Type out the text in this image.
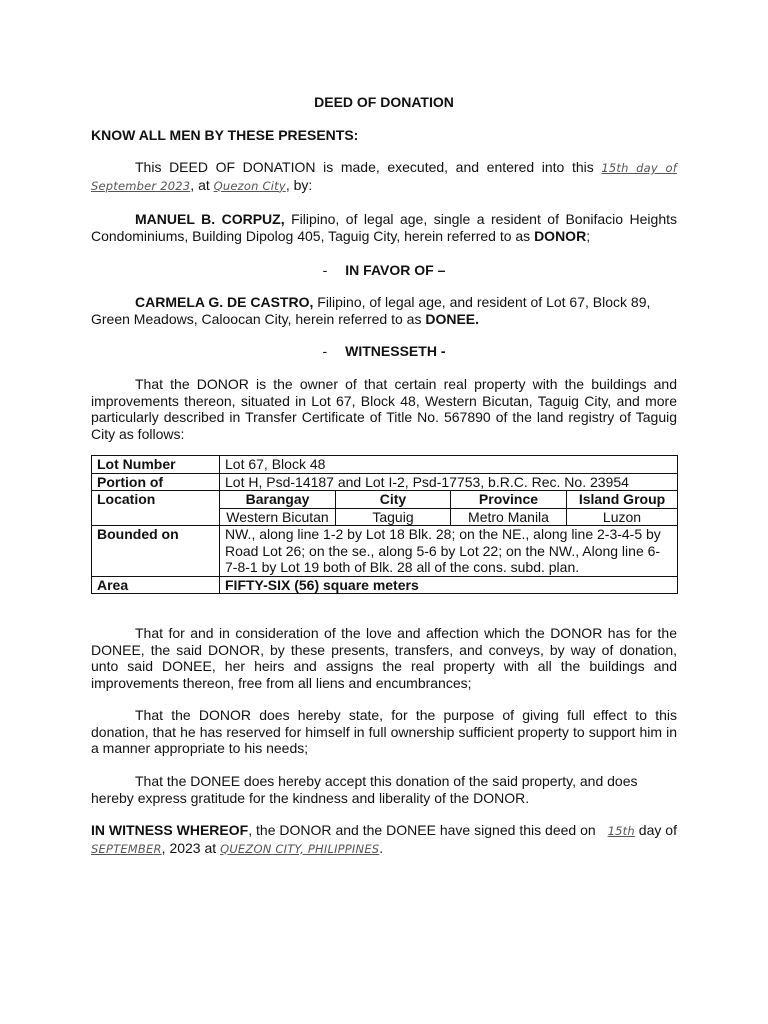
DEED OF DONATION
KNOW ALL MEN BY THESE PRESENTS:
This DEED OF DONATION is made, executed, and entered into this 15th day of September 2023, at Quezon City, by:
MANUEL B. CORPUZ, Filipino, of legal age, single a resident of Bonifacio Heights Condominiums, Building Dipolog 405, Taguig City, herein referred to as DONOR;
- IN FAVOR OF –
CARMELA G. DE CASTRO, Filipino, of legal age, and resident of Lot 67, Block 89, Green Meadows, Caloocan City, herein referred to as DONEE.
- WITNESSETH -
That the DONOR is the owner of that certain real property with the buildings and improvements thereon, situated in Lot 67, Block 48, Western Bicutan, Taguig City, and more particularly described in Transfer Certificate of Title No. 567890 of the land registry of Taguig City as follows:
Lot Number	Lot 67, Block 48			
Portion of	Lot H, Psd-14187 and Lot I-2, Psd-17753, b.R.C. Rec. No. 23954			
Location	Barangay	City	Province	Island Group
	Western Bicutan	Taguig	Metro Manila	Luzon
Bounded on	NW., along line 1-2 by Lot 18 Blk. 28; on the NE., along line 2-3-4-5 by Road Lot 26; on the se., along 5-6 by Lot 22; on the NW., Along line 6-7-8-1 by Lot 19 both of Blk. 28 all of the cons. subd. plan.			
Area	FIFTY-SIX (56) square meters			
That for and in consideration of the love and affection which the DONOR has for the DONEE, the said DONOR, by these presents, transfers, and conveys, by way of donation, unto said DONEE, her heirs and assigns the real property with all the buildings and improvements thereon, free from all liens and encumbrances;
That the DONOR does hereby state, for the purpose of giving full effect to this donation, that he has reserved for himself in full ownership sufficient property to support him in a manner appropriate to his needs;
That the DONEE does hereby accept this donation of the said property, and does hereby express gratitude for the kindness and liberality of the DONOR.
IN WITNESS WHEREOF, the DONOR and the DONEE have signed this deed on 15th day of SEPTEMBER, 2023 at QUEZON CITY, PHILIPPINES.
